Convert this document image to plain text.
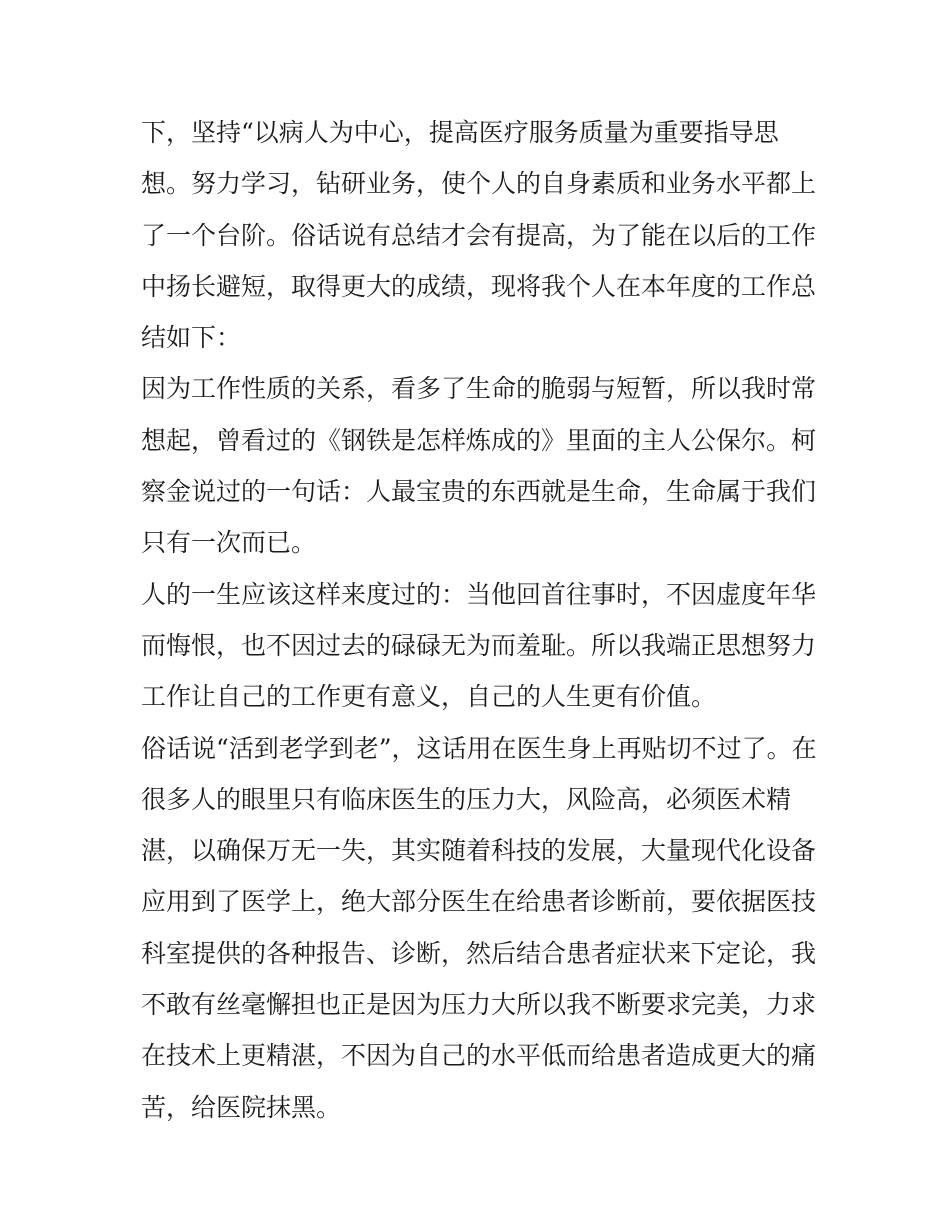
下，坚持“以病人为中心，提高医疗服务质量为重要指导思
想。努力学习，钻研业务，使个人的自身素质和业务水平都上
了一个台阶。俗话说有总结才会有提高，为了能在以后的工作
中扬长避短，取得更大的成绩，现将我个人在本年度的工作总
结如下：
因为工作性质的关系，看多了生命的脆弱与短暂，所以我时常
想起，曾看过的《钢铁是怎样炼成的》里面的主人公保尔。柯
察金说过的一句话：人最宝贵的东西就是生命，生命属于我们
只有一次而已。
人的一生应该这样来度过的：当他回首往事时，不因虚度年华
而悔恨，也不因过去的碌碌无为而羞耻。所以我端正思想努力
工作让自己的工作更有意义，自己的人生更有价值。
俗话说“活到老学到老”，这话用在医生身上再贴切不过了。在
很多人的眼里只有临床医生的压力大，风险高，必须医术精
湛，以确保万无一失，其实随着科技的发展，大量现代化设备
应用到了医学上，绝大部分医生在给患者诊断前，要依据医技
科室提供的各种报告、诊断，然后结合患者症状来下定论，我
不敢有丝毫懈担也正是因为压力大所以我不断要求完美，力求
在技术上更精湛，不因为自己的水平低而给患者造成更大的痛
苦，给医院抹黑。
